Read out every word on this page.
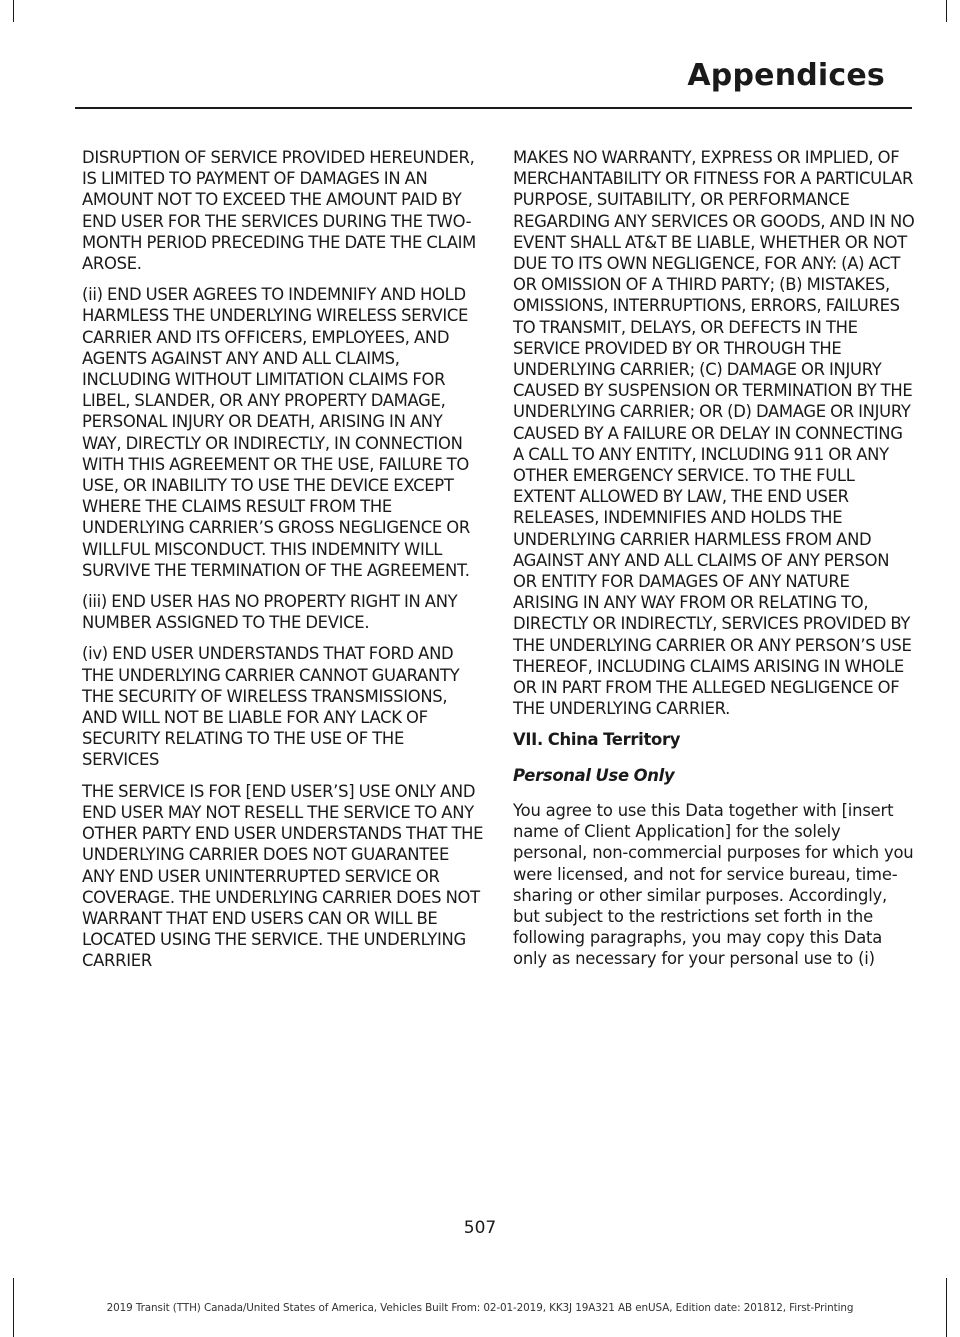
Appendices

DISRUPTION OF SERVICE PROVIDED HEREUNDER, IS LIMITED TO PAYMENT OF DAMAGES IN AN AMOUNT NOT TO EXCEED THE AMOUNT PAID BY END USER FOR THE SERVICES DURING THE TWO-MONTH PERIOD PRECEDING THE DATE THE CLAIM AROSE.

(ii) END USER AGREES TO INDEMNIFY AND HOLD HARMLESS THE UNDERLYING WIRELESS SERVICE CARRIER AND ITS OFFICERS, EMPLOYEES, AND AGENTS AGAINST ANY AND ALL CLAIMS, INCLUDING WITHOUT LIMITATION CLAIMS FOR LIBEL, SLANDER, OR ANY PROPERTY DAMAGE, PERSONAL INJURY OR DEATH, ARISING IN ANY WAY, DIRECTLY OR INDIRECTLY, IN CONNECTION WITH THIS AGREEMENT OR THE USE, FAILURE TO USE, OR INABILITY TO USE THE DEVICE EXCEPT WHERE THE CLAIMS RESULT FROM THE UNDERLYING CARRIER’S GROSS NEGLIGENCE OR WILLFUL MISCONDUCT. THIS INDEMNITY WILL SURVIVE THE TERMINATION OF THE AGREEMENT.

(iii) END USER HAS NO PROPERTY RIGHT IN ANY NUMBER ASSIGNED TO THE DEVICE.

(iv) END USER UNDERSTANDS THAT FORD AND THE UNDERLYING CARRIER CANNOT GUARANTY THE SECURITY OF WIRELESS TRANSMISSIONS, AND WILL NOT BE LIABLE FOR ANY LACK OF SECURITY RELATING TO THE USE OF THE SERVICES

THE SERVICE IS FOR [END USER’S] USE ONLY AND END USER MAY NOT RESELL THE SERVICE TO ANY OTHER PARTY END USER UNDERSTANDS THAT THE UNDERLYING CARRIER DOES NOT GUARANTEE ANY END USER UNINTERRUPTED SERVICE OR COVERAGE. THE UNDERLYING CARRIER DOES NOT WARRANT THAT END USERS CAN OR WILL BE LOCATED USING THE SERVICE. THE UNDERLYING CARRIER

MAKES NO WARRANTY, EXPRESS OR IMPLIED, OF MERCHANTABILITY OR FITNESS FOR A PARTICULAR PURPOSE, SUITABILITY, OR PERFORMANCE REGARDING ANY SERVICES OR GOODS, AND IN NO EVENT SHALL AT&T BE LIABLE, WHETHER OR NOT DUE TO ITS OWN NEGLIGENCE, FOR ANY: (A) ACT OR OMISSION OF A THIRD PARTY; (B) MISTAKES, OMISSIONS, INTERRUPTIONS, ERRORS, FAILURES TO TRANSMIT, DELAYS, OR DEFECTS IN THE SERVICE PROVIDED BY OR THROUGH THE UNDERLYING CARRIER; (C) DAMAGE OR INJURY CAUSED BY SUSPENSION OR TERMINATION BY THE UNDERLYING CARRIER; OR (D) DAMAGE OR INJURY CAUSED BY A FAILURE OR DELAY IN CONNECTING A CALL TO ANY ENTITY, INCLUDING 911 OR ANY OTHER EMERGENCY SERVICE. TO THE FULL EXTENT ALLOWED BY LAW, THE END USER RELEASES, INDEMNIFIES AND HOLDS THE UNDERLYING CARRIER HARMLESS FROM AND AGAINST ANY AND ALL CLAIMS OF ANY PERSON OR ENTITY FOR DAMAGES OF ANY NATURE ARISING IN ANY WAY FROM OR RELATING TO, DIRECTLY OR INDIRECTLY, SERVICES PROVIDED BY THE UNDERLYING CARRIER OR ANY PERSON’S USE THEREOF, INCLUDING CLAIMS ARISING IN WHOLE OR IN PART FROM THE ALLEGED NEGLIGENCE OF THE UNDERLYING CARRIER.

VII. China Territory

Personal Use Only

You agree to use this Data together with [insert name of Client Application] for the solely personal, non-commercial purposes for which you were licensed, and not for service bureau, time-sharing or other similar purposes. Accordingly, but subject to the restrictions set forth in the following paragraphs, you may copy this Data only as necessary for your personal use to (i)

507
2019 Transit (TTH) Canada/United States of America, Vehicles Built From: 02-01-2019, KK3J 19A321 AB enUSA, Edition date: 201812, First-Printing
